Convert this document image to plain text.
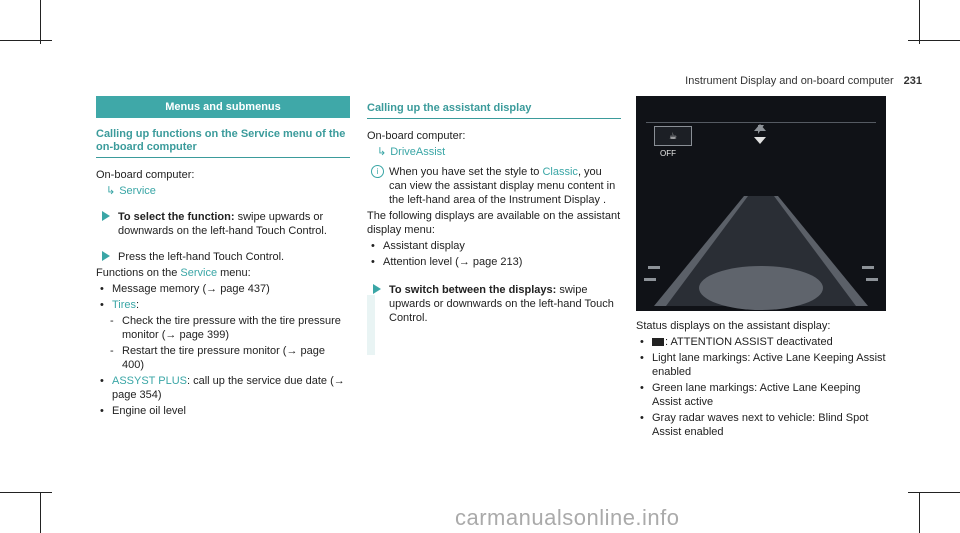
Instrument Display and on-board computer 231
Menus and submenus
Calling up functions on the Service menu of the on-board computer

On-board computer:

↳ Service
To select the function: swipe upwards or downwards on the left-hand Touch Control.
Press the left-hand Touch Control.

Functions on the Service menu:

• Message memory (→ page 437)
• Tires:
- Check the tire pressure with the tire pressure monitor (→ page 399)
- Restart the tire pressure monitor (→ page 400)
• ASSYST PLUS: call up the service due date (→ page 354)
• Engine oil level
Calling up the assistant display

On-board computer:

↳ DriveAssist
i When you have set the style to Classic, you can view the assistant display menu content in the left-hand area of the Instrument Display .

The following displays are available on the assistant display menu:

• Assistant display
• Attention level (→ page 213)
To switch between the displays: swipe upwards or downwards on the left-hand Touch Control.
☕
OFF

Status displays on the assistant display:

• : ATTENTION ASSIST deactivated
• Light lane markings: Active Lane Keeping Assist enabled
• Green lane markings: Active Lane Keeping Assist active
• Gray radar waves next to vehicle: Blind Spot Assist enabled
carmanualsonline.info
